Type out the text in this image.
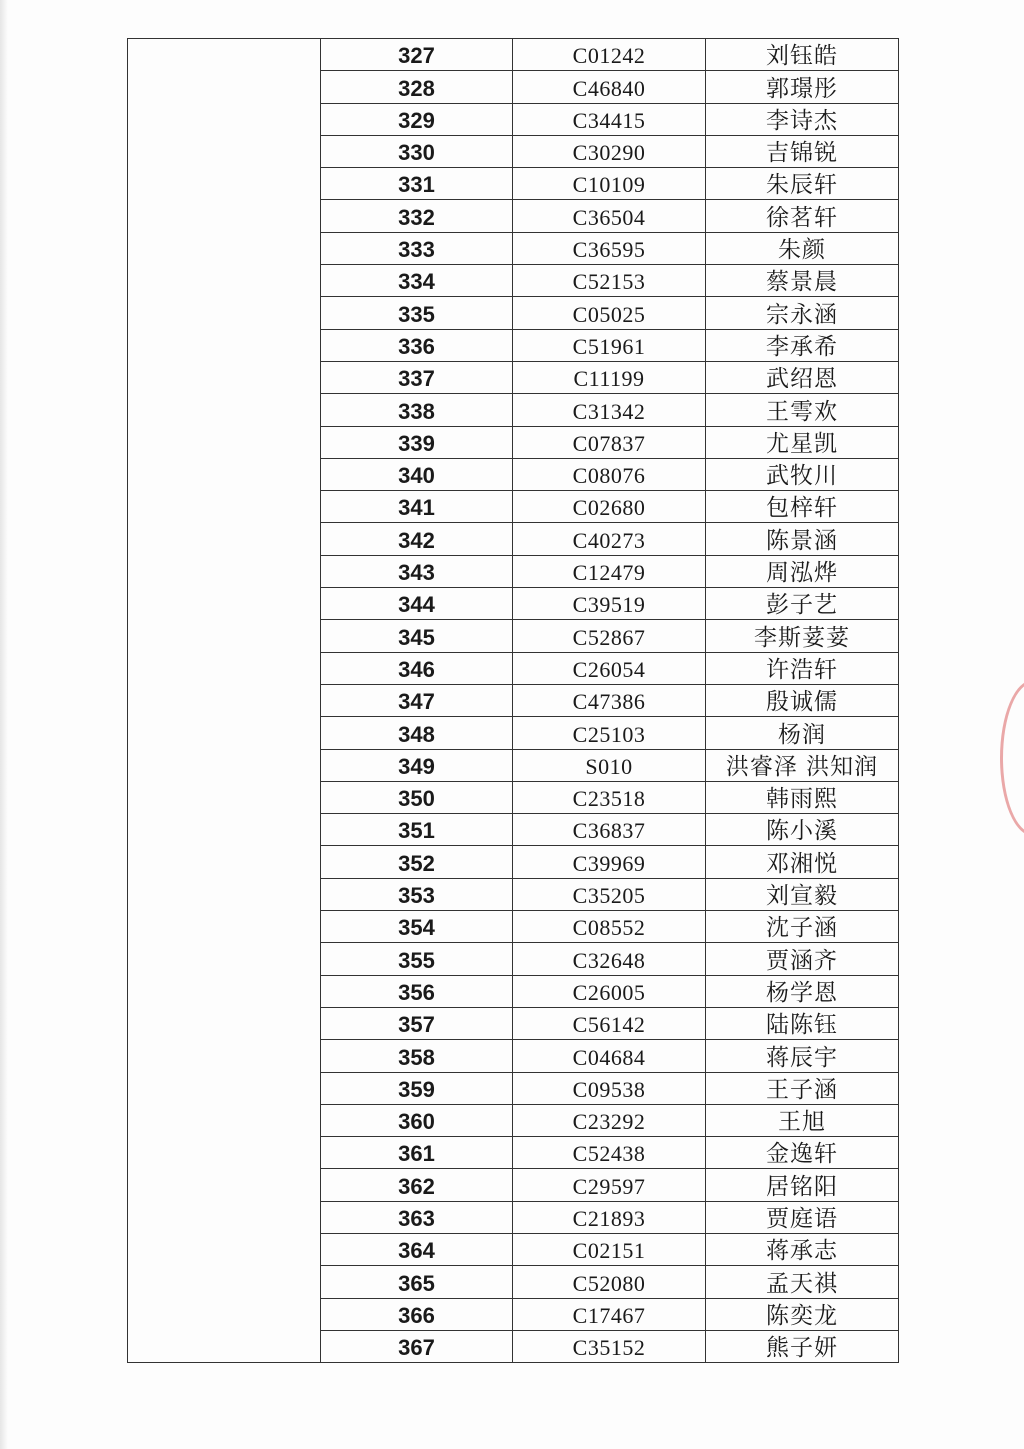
	327	C01242	刘钰皓
	328	C46840	郭璟彤
	329	C34415	李诗杰
	330	C30290	吉锦锐
	331	C10109	朱辰轩
	332	C36504	徐茗轩
	333	C36595	朱颜
	334	C52153	蔡景晨
	335	C05025	宗永涵
	336	C51961	李承希
	337	C11199	武绍恩
	338	C31342	王雩欢
	339	C07837	尤星凯
	340	C08076	武牧川
	341	C02680	包梓轩
	342	C40273	陈景涵
	343	C12479	周泓烨
	344	C39519	彭子艺
	345	C52867	李斯荽荽
	346	C26054	许浩轩
	347	C47386	殷诚儒
	348	C25103	杨润
	349	S010	洪睿泽 洪知润
	350	C23518	韩雨熙
	351	C36837	陈小溪
	352	C39969	邓湘悦
	353	C35205	刘宣毅
	354	C08552	沈子涵
	355	C32648	贾涵齐
	356	C26005	杨学恩
	357	C56142	陆陈钰
	358	C04684	蒋辰宇
	359	C09538	王子涵
	360	C23292	王旭
	361	C52438	金逸轩
	362	C29597	居铭阳
	363	C21893	贾庭语
	364	C02151	蒋承志
	365	C52080	孟天祺
	366	C17467	陈奕龙
	367	C35152	熊子妍
